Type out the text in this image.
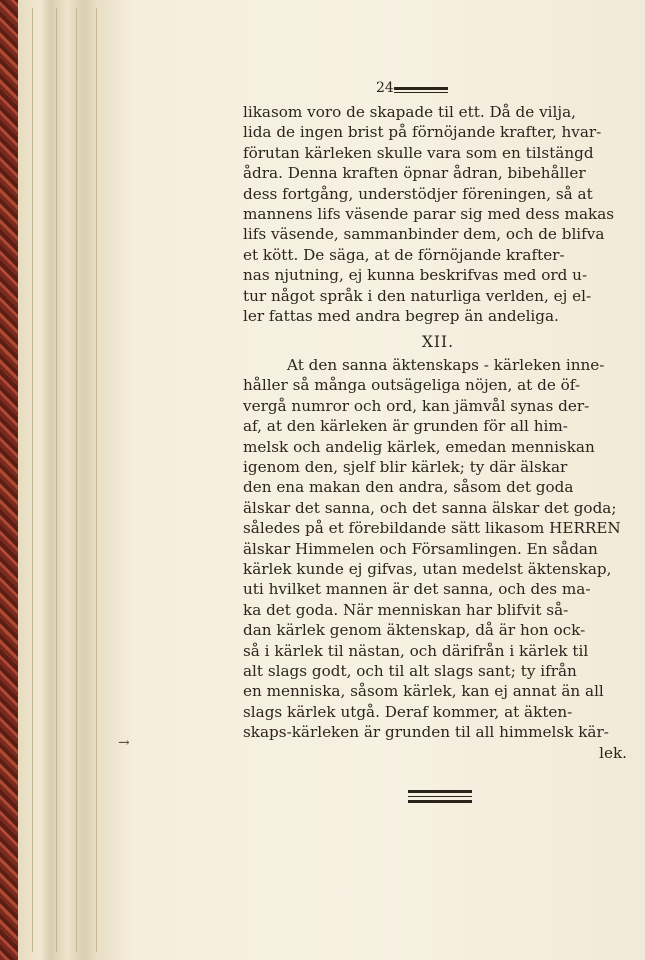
24
→
likasom voro de skapade til ett. Då de vilja,
lida de ingen brist på förnöjande krafter, hvar-
förutan kärleken skulle vara som en tilstängd
ådra. Denna kraften öpnar ådran, bibehåller
dess fortgång, understödjer föreningen, så at
mannens lifs väsende parar sig med dess makas
lifs väsende, sammanbinder dem, och de blifva
et kött. De säga, at de förnöjande krafter-
nas njutning, ej kunna beskrifvas med ord u-
tur något språk i den naturliga verlden, ej el-
ler fattas med andra begrep än andeliga.
XII.
At den sanna äktenskaps - kärleken inne-
håller så många outsägeliga nöjen, at de öf-
vergå numror och ord, kan jämvål synas der-
af, at den kärleken är grunden för all him-
melsk och andelig kärlek, emedan menniskan
igenom den, sjelf blir kärlek; ty där älskar
den ena makan den andra, såsom det goda
älskar det sanna, och det sanna älskar det goda;
således på et förebildande sätt likasom HERREN
älskar Himmelen och Församlingen. En sådan
kärlek kunde ej gifvas, utan medelst äktenskap,
uti hvilket mannen är det sanna, och des ma-
ka det goda. När menniskan har blifvit så-
dan kärlek genom äktenskap, då är hon ock-
så i kärlek til nästan, och därifrån i kärlek til
alt slags godt, och til alt slags sant; ty ifrån
en menniska, såsom kärlek, kan ej annat än all
slags kärlek utgå. Deraf kommer, at äkten-
skaps-kärleken är grunden til all himmelsk kär-
lek.
